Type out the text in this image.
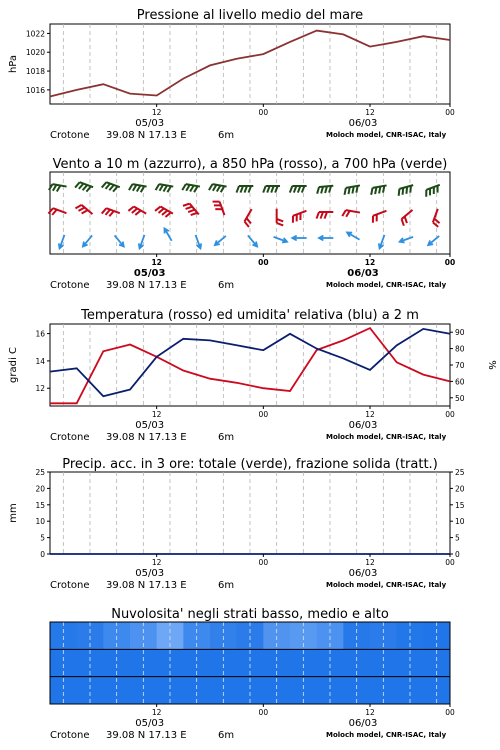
Pressione al livello medio del mare
1016
1018
1020
1022
hPa
12	00	12	00
05/03	06/03
Crotone 39.08 N 17.13 E	6m	Moloch model, CNR-ISAC, Italy
Vento a 10 m (azzurro), a 850 hPa (rosso), a 700 hPa (verde)
12	00	12	00
05/03	06/03
Crotone 39.08 N 17.13 E	6m	Moloch model, CNR-ISAC, Italy
Temperatura (rosso) ed umidita' relativa (blu) a 2 m
12
14
16
50
60
70
80
90
gradi C	%
12	00	12	00
05/03	06/03
Crotone 39.08 N 17.13 E	6m	Moloch model, CNR-ISAC, Italy
Precip. acc. in 3 ore: totale (verde), frazione solida (tratt.)
0
5
10
15
20
25
0
5
10
15
20
25
mm
12	00	12	00
05/03	06/03
Crotone 39.08 N 17.13 E	6m	Moloch model, CNR-ISAC, Italy
Nuvolosita' negli strati basso, medio e alto
12	00	12	00
05/03	06/03
Crotone 39.08 N 17.13 E	6m	Moloch model, CNR-ISAC, Italy
